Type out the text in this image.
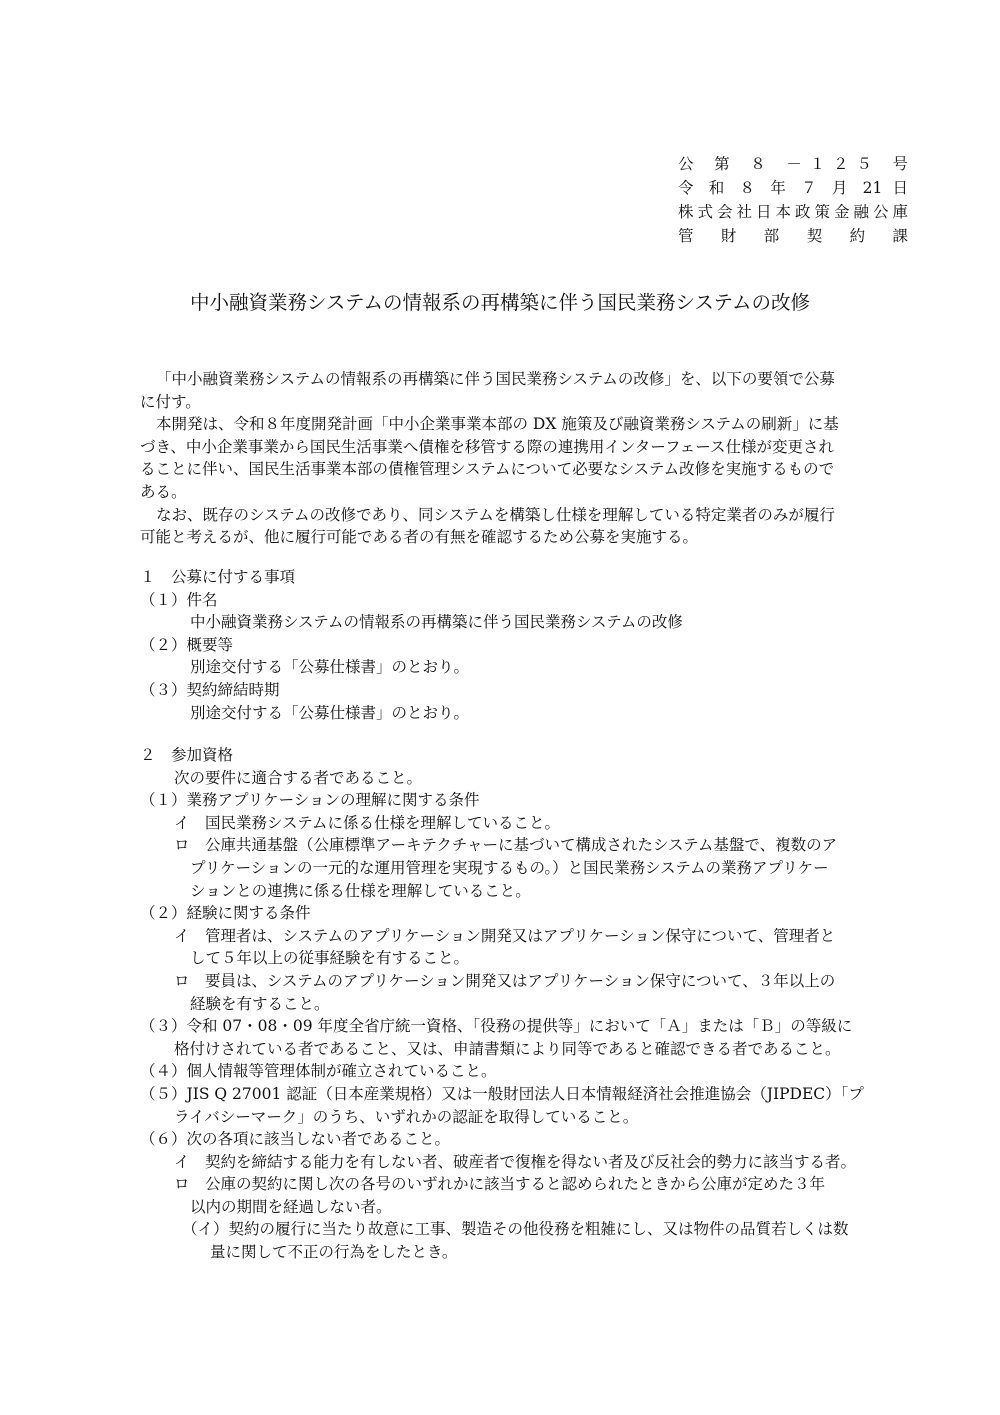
公 第 ８ －１２５ 号
令 和 ８ 年 ７ 月 21 日
株式会社日本政策金融公庫
管 財 部 契 約 課
中小融資業務システムの情報系の再構築に伴う国民業務システムの改修
「中小融資業務システムの情報系の再構築に伴う国民業務システムの改修」を、以下の要領で公募
に付す。
本開発は、令和８年度開発計画「中小企業事業本部の DX 施策及び融資業務システムの刷新」に基
づき、中小企業事業から国民生活事業へ債権を移管する際の連携用インターフェース仕様が変更され
ることに伴い、国民生活事業本部の債権管理システムについて必要なシステム改修を実施するもので
ある。
なお、既存のシステムの改修であり、同システムを構築し仕様を理解している特定業者のみが履行
可能と考えるが、他に履行可能である者の有無を確認するため公募を実施する。
１　公募に付する事項
（１）件名
中小融資業務システムの情報系の再構築に伴う国民業務システムの改修
（２）概要等
別途交付する「公募仕様書」のとおり。
（３）契約締結時期
別途交付する「公募仕様書」のとおり。
２　参加資格
次の要件に適合する者であること。
（１）業務アプリケーションの理解に関する条件
イ　国民業務システムに係る仕様を理解していること。
ロ　公庫共通基盤（公庫標準アーキテクチャーに基づいて構成されたシステム基盤で、複数のア
プリケーションの一元的な運用管理を実現するもの。）と国民業務システムの業務アプリケー
ションとの連携に係る仕様を理解していること。
（２）経験に関する条件
イ　管理者は、システムのアプリケーション開発又はアプリケーション保守について、管理者と
して５年以上の従事経験を有すること。
ロ　要員は、システムのアプリケーション開発又はアプリケーション保守について、３年以上の
経験を有すること。
（３）令和 07・08・09 年度全省庁統一資格、「役務の提供等」において「Ａ」または「Ｂ」の等級に
格付けされている者であること、又は、申請書類により同等であると確認できる者であること。
（４）個人情報等管理体制が確立されていること。
（５）JIS Q 27001 認証（日本産業規格）又は一般財団法人日本情報経済社会推進協会（JIPDEC）「プ
ライバシーマーク」のうち、いずれかの認証を取得していること。
（６）次の各項に該当しない者であること。
イ　契約を締結する能力を有しない者、破産者で復権を得ない者及び反社会的勢力に該当する者。
ロ　公庫の契約に関し次の各号のいずれかに該当すると認められたときから公庫が定めた３年
以内の期間を経過しない者。
（イ）契約の履行に当たり故意に工事、製造その他役務を粗雑にし、又は物件の品質若しくは数
量に関して不正の行為をしたとき。
